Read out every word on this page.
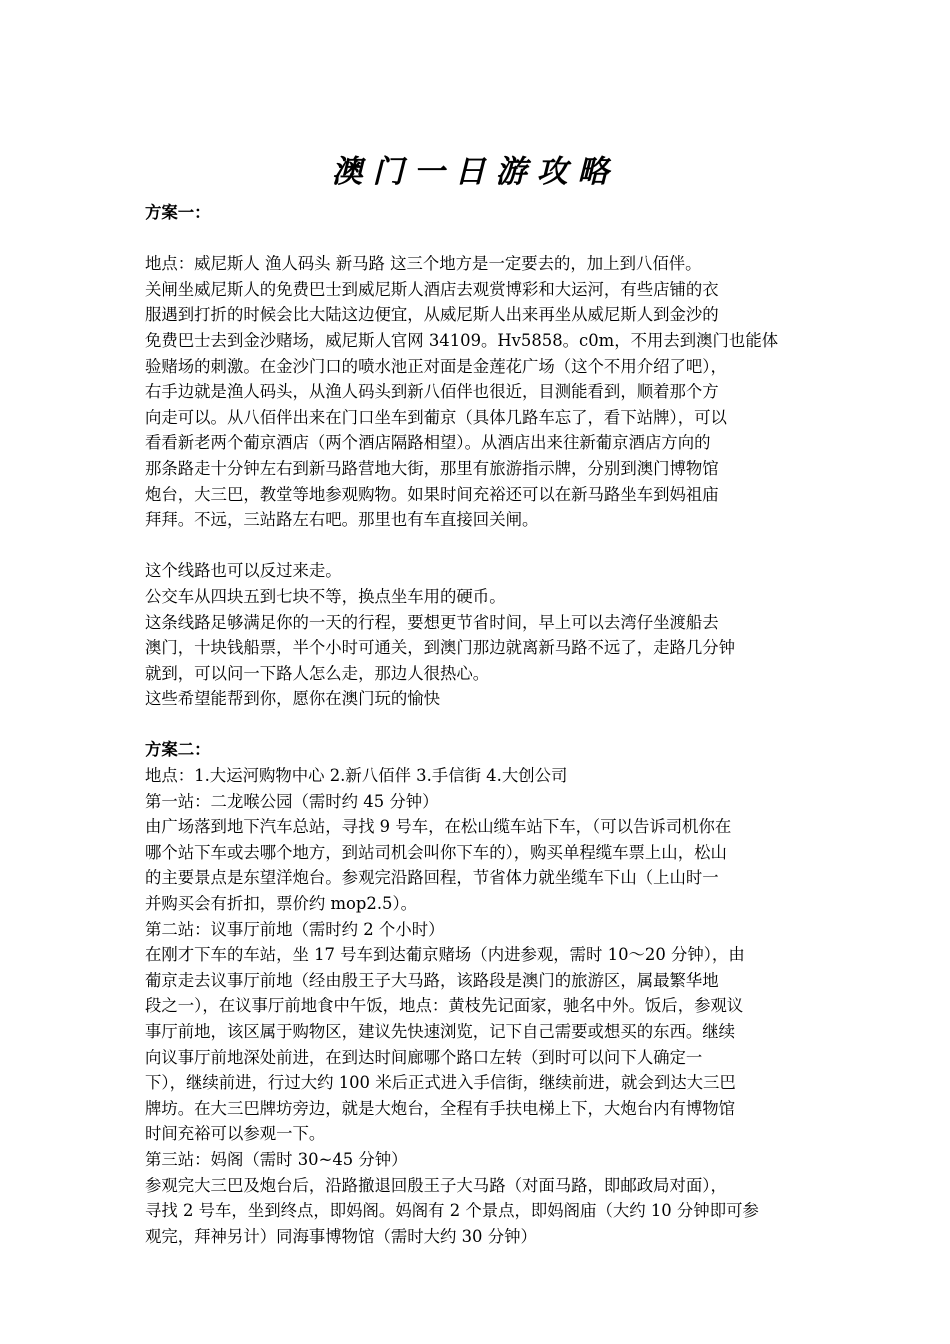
澳门一日游攻略

方案一：

地点：威尼斯人 渔人码头 新马路 这三个地方是一定要去的，加上到八佰伴。

关闸坐威尼斯人的免费巴士到威尼斯人酒店去观赏博彩和大运河，有些店铺的衣

服遇到打折的时候会比大陆这边便宜，从威尼斯人出来再坐从威尼斯人到金沙的

免费巴士去到金沙赌场，威尼斯人官网 34109。Hv5858。c0m，不用去到澳门也能体

验赌场的刺激。在金沙门口的喷水池正对面是金莲花广场（这个不用介绍了吧），

右手边就是渔人码头，从渔人码头到新八佰伴也很近，目测能看到，顺着那个方

向走可以。从八佰伴出来在门口坐车到葡京（具体几路车忘了，看下站牌），可以

看看新老两个葡京酒店（两个酒店隔路相望）。从酒店出来往新葡京酒店方向的

那条路走十分钟左右到新马路营地大街，那里有旅游指示牌，分别到澳门博物馆

炮台，大三巴，教堂等地参观购物。如果时间充裕还可以在新马路坐车到妈祖庙

拜拜。不远，三站路左右吧。那里也有车直接回关闸。

这个线路也可以反过来走。

公交车从四块五到七块不等，换点坐车用的硬币。

这条线路足够满足你的一天的行程，要想更节省时间，早上可以去湾仔坐渡船去

澳门，十块钱船票，半个小时可通关，到澳门那边就离新马路不远了，走路几分钟

就到，可以问一下路人怎么走，那边人很热心。

这些希望能帮到你，愿你在澳门玩的愉快

方案二：

地点：1.大运河购物中心 2.新八佰伴 3.手信街 4.大创公司

第一站：二龙喉公园（需时约 45 分钟）

由广场落到地下汽车总站，寻找 9 号车，在松山缆车站下车，（可以告诉司机你在

哪个站下车或去哪个地方，到站司机会叫你下车的），购买单程缆车票上山，松山

的主要景点是东望洋炮台。参观完沿路回程，节省体力就坐缆车下山（上山时一

并购买会有折扣，票价约 mop2.5）。

第二站：议事厅前地（需时约 2 个小时）

在刚才下车的车站，坐 17 号车到达葡京赌场（内进参观，需时 10～20 分钟），由

葡京走去议事厅前地（经由殷王子大马路，该路段是澳门的旅游区，属最繁华地

段之一），在议事厅前地食中午饭，地点：黄枝先记面家，驰名中外。饭后，参观议

事厅前地，该区属于购物区，建议先快速浏览，记下自己需要或想买的东西。继续

向议事厅前地深处前进，在到达时间廊哪个路口左转（到时可以问下人确定一

下），继续前进，行过大约 100 米后正式进入手信街，继续前进，就会到达大三巴

牌坊。在大三巴牌坊旁边，就是大炮台，全程有手扶电梯上下，大炮台内有博物馆

时间充裕可以参观一下。

第三站：妈阁（需时 30~45 分钟）

参观完大三巴及炮台后，沿路撤退回殷王子大马路（对面马路，即邮政局对面），

寻找 2 号车，坐到终点，即妈阁。妈阁有 2 个景点，即妈阁庙（大约 10 分钟即可参

观完，拜神另计）同海事博物馆（需时大约 30 分钟）
